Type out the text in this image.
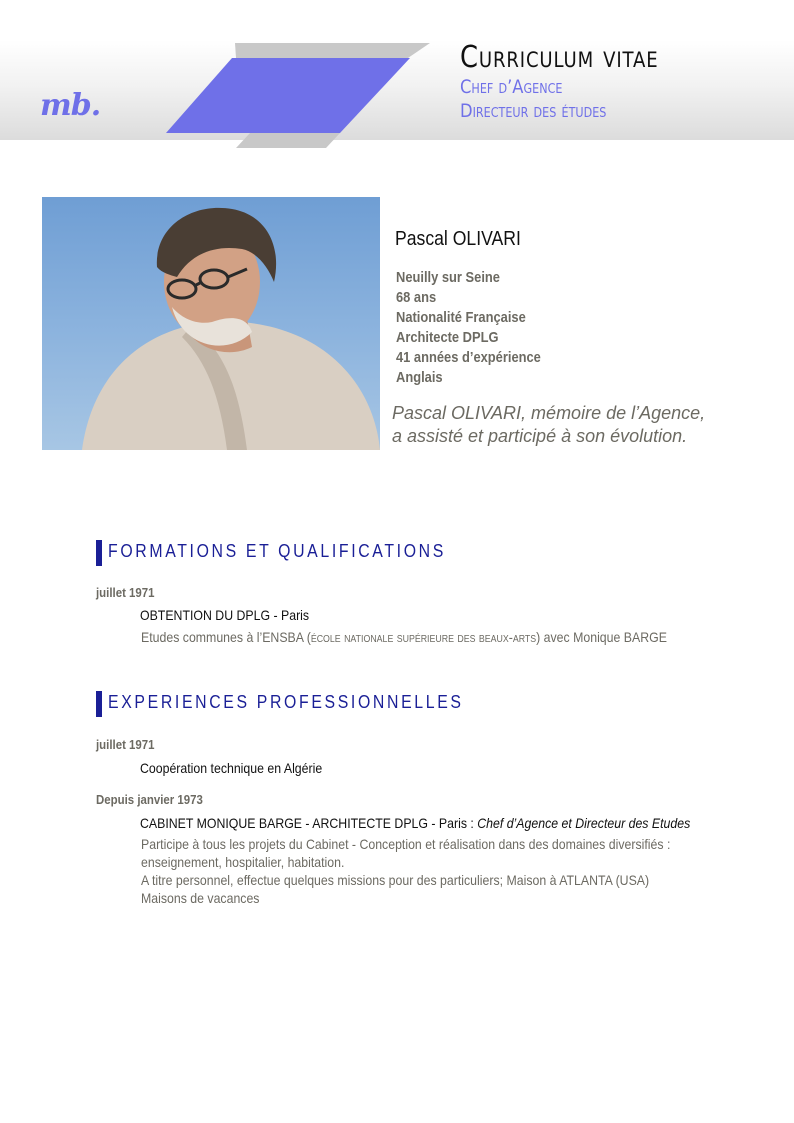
mb.
Curriculum vitae
Chef d’Agence
Directeur des études
Pascal OLIVARI
Neuilly sur Seine
68 ans
Nationalité Française
Architecte DPLG
41 années d’expérience
Anglais
Pascal OLIVARI, mémoire de l’Agence,
a assisté et participé à son évolution.
FORMATIONS ET QUALIFICATIONS
juillet 1971
OBTENTION DU DPLG - Paris
Etudes communes à l’ENSBA (école nationale supérieure des beaux-arts) avec Monique BARGE
EXPERIENCES PROFESSIONNELLES
juillet 1971
Coopération technique en Algérie
Depuis janvier 1973
CABINET MONIQUE BARGE - ARCHITECTE DPLG - Paris : Chef d’Agence et Directeur des Etudes
Participe à tous les projets du Cabinet - Conception et réalisation dans des domaines diversifiés :
enseignement, hospitalier, habitation.
A titre personnel, effectue quelques missions pour des particuliers; Maison à ATLANTA (USA)
Maisons de vacances
